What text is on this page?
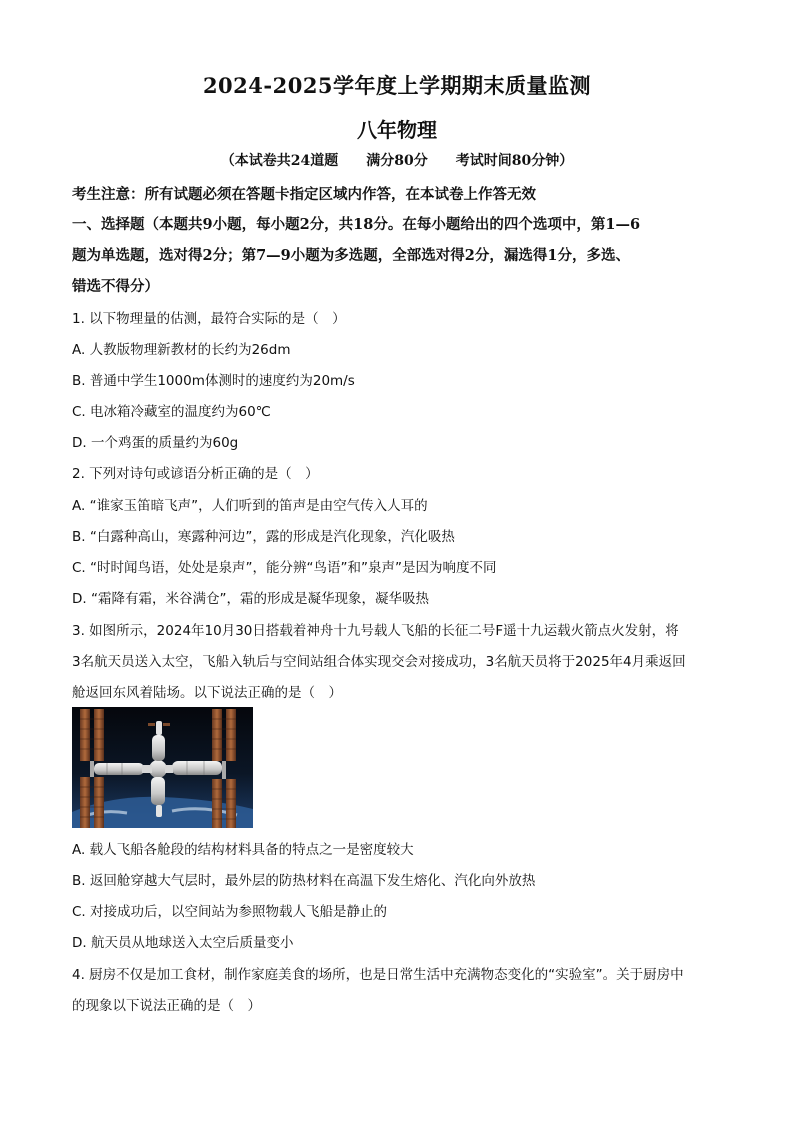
2024-2025学年度上学期期末质量监测
八年物理
（本试卷共24道题　　满分80分　　考试时间80分钟）
考生注意：所有试题必须在答题卡指定区域内作答，在本试卷上作答无效
一、选择题（本题共9小题，每小题2分，共18分。在每小题给出的四个选项中，第1—6
题为单选题，选对得2分；第7—9小题为多选题，全部选对得2分，漏选得1分，多选、
错选不得分）
1. 以下物理量的估测，最符合实际的是（　）
A. 人教版物理新教材的长约为26dm
B. 普通中学生1000m体测时的速度约为20m/s
C. 电冰箱冷藏室的温度约为60℃
D. 一个鸡蛋的质量约为60g
2. 下列对诗句或谚语分析正确的是（　）
A. “谁家玉笛暗飞声”，人们听到的笛声是由空气传入人耳的
B. “白露种高山，寒露种河边”，露的形成是汽化现象，汽化吸热
C. “时时闻鸟语，处处是泉声”，能分辨“鸟语”和”泉声”是因为响度不同
D. “霜降有霜，米谷满仓”，霜的形成是凝华现象，凝华吸热
3. 如图所示，2024年10月30日搭载着神舟十九号载人飞船的长征二号F遥十九运载火箭点火发射，将
3名航天员送入太空，飞船入轨后与空间站组合体实现交会对接成功，3名航天员将于2025年4月乘返回
舱返回东风着陆场。以下说法正确的是（　）
A. 载人飞船各舱段的结构材料具备的特点之一是密度较大
B. 返回舱穿越大气层时，最外层的防热材料在高温下发生熔化、汽化向外放热
C. 对接成功后，以空间站为参照物载人飞船是静止的
D. 航天员从地球送入太空后质量变小
4. 厨房不仅是加工食材，制作家庭美食的场所，也是日常生活中充满物态变化的“实验室”。关于厨房中
的现象以下说法正确的是（　）
